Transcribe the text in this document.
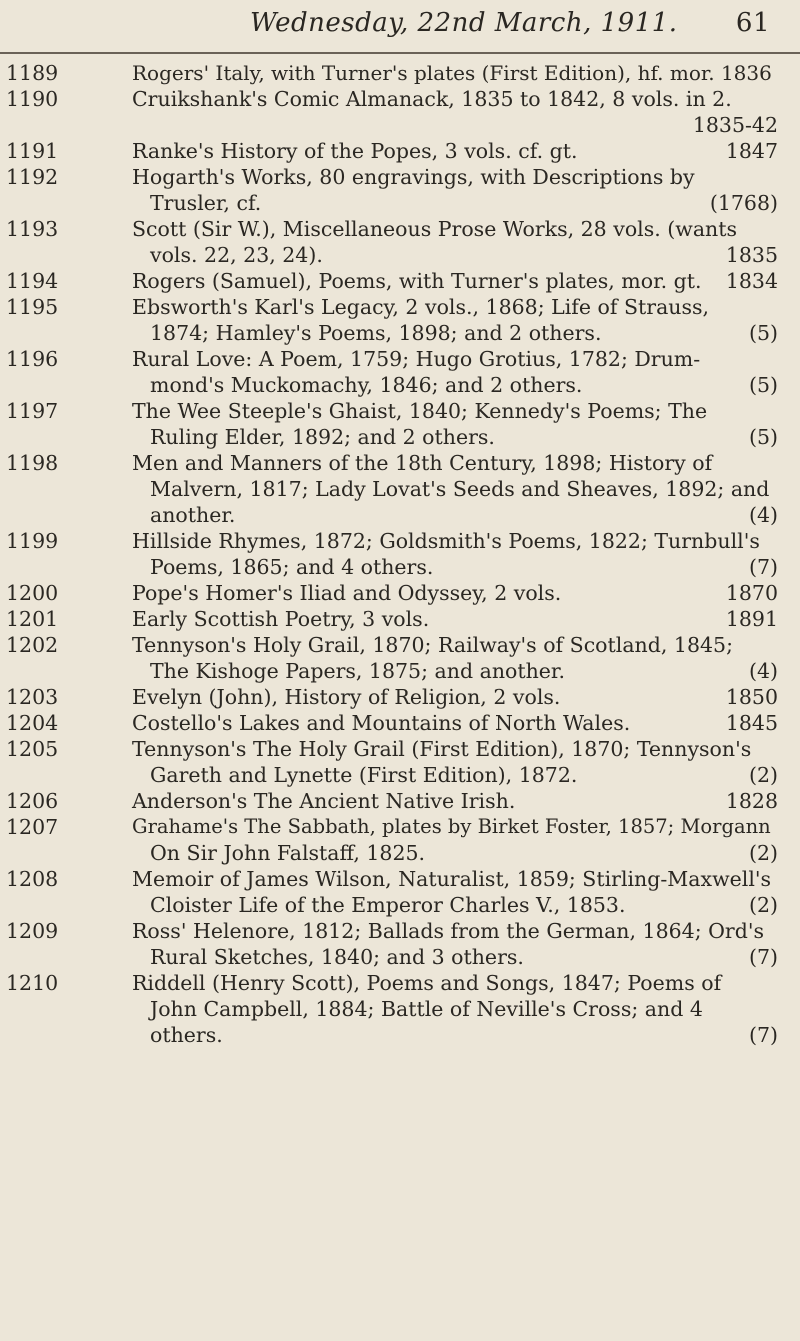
Wednesday, 22nd March, 1911. 61
1189	Rogers' Italy, with Turner's plates (First Edition), hf. mor. 1836
1190	Cruikshank's Comic Almanack, 1835 to 1842, 8 vols. in 2.
1835-42
1191	Ranke's History of the Popes, 3 vols. cf. gt.	1847
1192	Hogarth's Works, 80 engravings, with Descriptions by
Trusler, cf.	(1768)
1193	Scott (Sir W.), Miscellaneous Prose Works, 28 vols. (wants
vols. 22, 23, 24).	1835
1194	Rogers (Samuel), Poems, with Turner's plates, mor. gt. 1834
1195	Ebsworth's Karl's Legacy, 2 vols., 1868; Life of Strauss,
1874; Hamley's Poems, 1898; and 2 others.	(5)
1196	Rural Love: A Poem, 1759; Hugo Grotius, 1782; Drum-
mond's Muckomachy, 1846; and 2 others.	(5)
1197	The Wee Steeple's Ghaist, 1840; Kennedy's Poems; The
Ruling Elder, 1892; and 2 others.	(5)
1198	Men and Manners of the 18th Century, 1898; History of
Malvern, 1817; Lady Lovat's Seeds and Sheaves, 1892; and
another.	(4)
1199	Hillside Rhymes, 1872; Goldsmith's Poems, 1822; Turnbull's
Poems, 1865; and 4 others.	(7)
1200	Pope's Homer's Iliad and Odyssey, 2 vols.	1870
1201	Early Scottish Poetry, 3 vols.	1891
1202	Tennyson's Holy Grail, 1870; Railway's of Scotland, 1845;
The Kishoge Papers, 1875; and another.	(4)
1203	Evelyn (John), History of Religion, 2 vols.	1850
1204	Costello's Lakes and Mountains of North Wales.	1845
1205	Tennyson's The Holy Grail (First Edition), 1870; Tennyson's
Gareth and Lynette (First Edition), 1872.	(2)
1206	Anderson's The Ancient Native Irish.	1828
1207	Grahame's The Sabbath, plates by Birket Foster, 1857; Morgann
On Sir John Falstaff, 1825.	(2)
1208	Memoir of James Wilson, Naturalist, 1859; Stirling-Maxwell's
Cloister Life of the Emperor Charles V., 1853.	(2)
1209	Ross' Helenore, 1812; Ballads from the German, 1864; Ord's
Rural Sketches, 1840; and 3 others.	(7)
1210	Riddell (Henry Scott), Poems and Songs, 1847; Poems of
John Campbell, 1884; Battle of Neville's Cross; and 4
others.	(7)
